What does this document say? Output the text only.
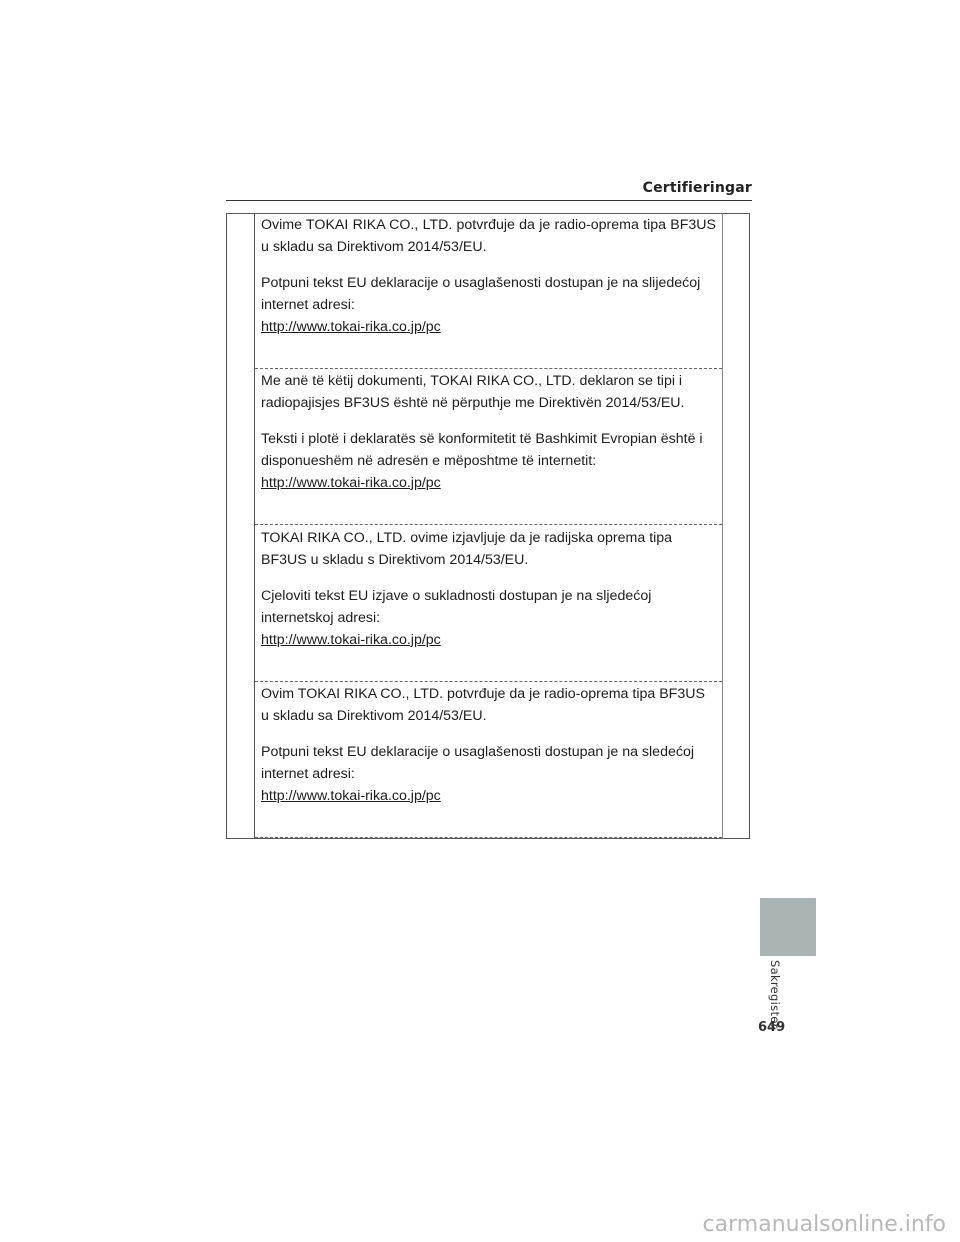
Certifieringar

Ovime TOKAI RIKA CO., LTD. potvrđuje da je radio-oprema tipa BF3US u skladu sa Direktivom 2014/53/EU.

Potpuni tekst EU deklaracije o usaglašenosti dostupan je na slijedećoj internet adresi:

http://www.tokai-rika.co.jp/pc

Me anë të këtij dokumenti, TOKAI RIKA CO., LTD. deklaron se tipi i radiopajisjes BF3US është në përputhje me Direktivën 2014/53/EU.

Teksti i plotë i deklaratës së konformitetit të Bashkimit Evropian është i disponueshëm në adresën e mëposhtme të internetit:

http://www.tokai-rika.co.jp/pc

TOKAI RIKA CO., LTD. ovime izjavljuje da je radijska oprema tipa BF3US u skladu s Direktivom 2014/53/EU.

Cjeloviti tekst EU izjave o sukladnosti dostupan je na sljedećoj internetskoj adresi:

http://www.tokai-rika.co.jp/pc

Ovim TOKAI RIKA CO., LTD. potvrđuje da je radio-oprema tipa BF3US u skladu sa Direktivom 2014/53/EU.

Potpuni tekst EU deklaracije o usaglašenosti dostupan je na sledećoj internet adresi:

http://www.tokai-rika.co.jp/pc

Sakregister
649
carmanualsonline.info
